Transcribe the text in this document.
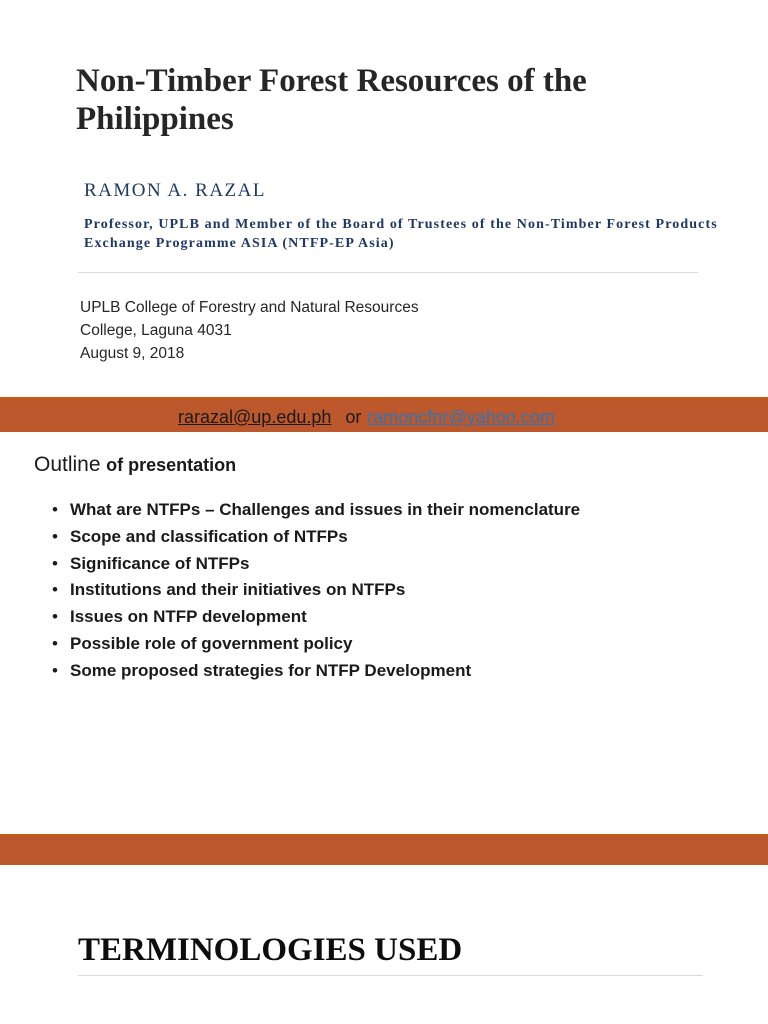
Non-Timber Forest Resources of the Philippines
RAMON A. RAZAL
Professor, UPLB and Member of the Board of Trustees of the Non-Timber Forest Products Exchange Programme ASIA (NTFP-EP Asia)
UPLB College of Forestry and Natural Resources
College, Laguna 4031
August 9, 2018
rarazal@up.edu.ph or ramoncfnr@yahoo.com
Outline of presentation
• What are NTFPs – Challenges and issues in their nomenclature
• Scope and classification of NTFPs
• Significance of NTFPs
• Institutions and their initiatives on NTFPs
• Issues on NTFP development
• Possible role of government policy
• Some proposed strategies for NTFP Development
TERMINOLOGIES USED
